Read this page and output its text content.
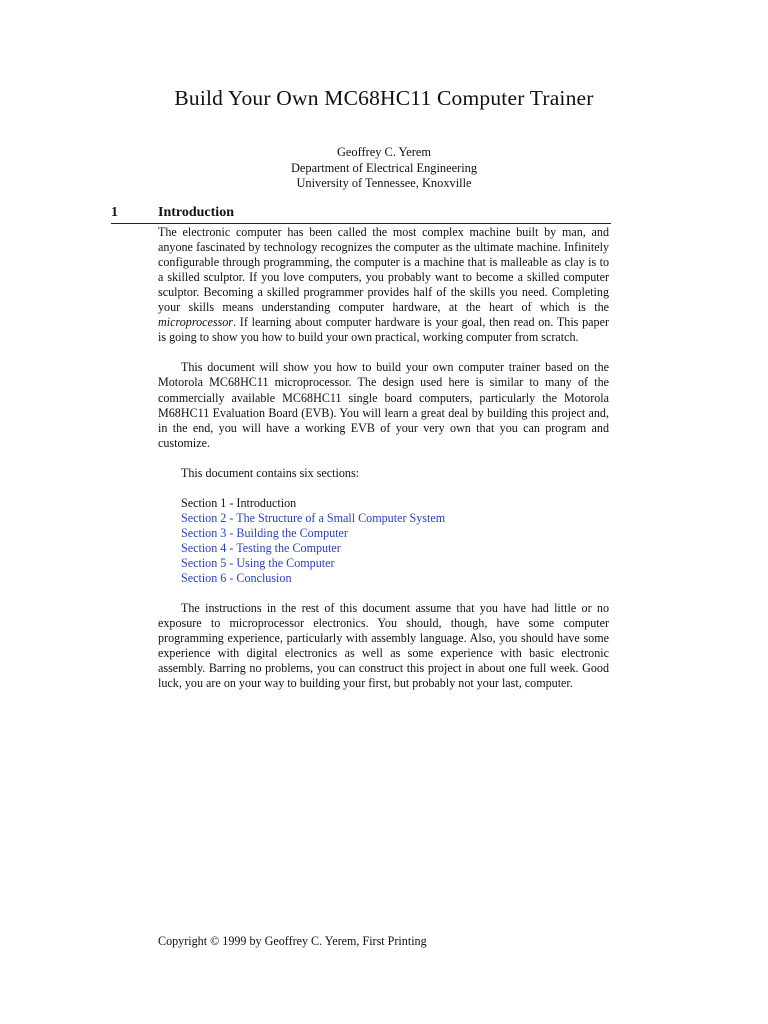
Build Your Own MC68HC11 Computer Trainer
Geoffrey C. Yerem
Department of Electrical Engineering
University of Tennessee, Knoxville
1	Introduction

The electronic computer has been called the most complex machine built by man, and anyone fascinated by technology recognizes the computer as the ultimate machine. Infinitely configurable through programming, the computer is a machine that is malleable as clay is to a skilled sculptor. If you love computers, you probably want to become a skilled computer sculptor. Becoming a skilled programmer provides half of the skills you need. Completing your skills means understanding computer hardware, at the heart of which is the microprocessor. If learning about computer hardware is your goal, then read on. This paper is going to show you how to build your own practical, working computer from scratch.

This document will show you how to build your own computer trainer based on the Motorola MC68HC11 microprocessor. The design used here is similar to many of the commercially available MC68HC11 single board computers, particularly the Motorola M68HC11 Evaluation Board (EVB). You will learn a great deal by building this project and, in the end, you will have a working EVB of your very own that you can program and customize.

This document contains six sections:

Section 1 - Introduction
Section 2 - The Structure of a Small Computer System
Section 3 - Building the Computer
Section 4 - Testing the Computer
Section 5 - Using the Computer
Section 6 - Conclusion

The instructions in the rest of this document assume that you have had little or no exposure to microprocessor electronics. You should, though, have some computer programming experience, particularly with assembly language. Also, you should have some experience with digital electronics as well as some experience with basic electronic assembly. Barring no problems, you can construct this project in about one full week. Good luck, you are on your way to building your first, but probably not your last, computer.

Copyright © 1999 by Geoffrey C. Yerem, First Printing
